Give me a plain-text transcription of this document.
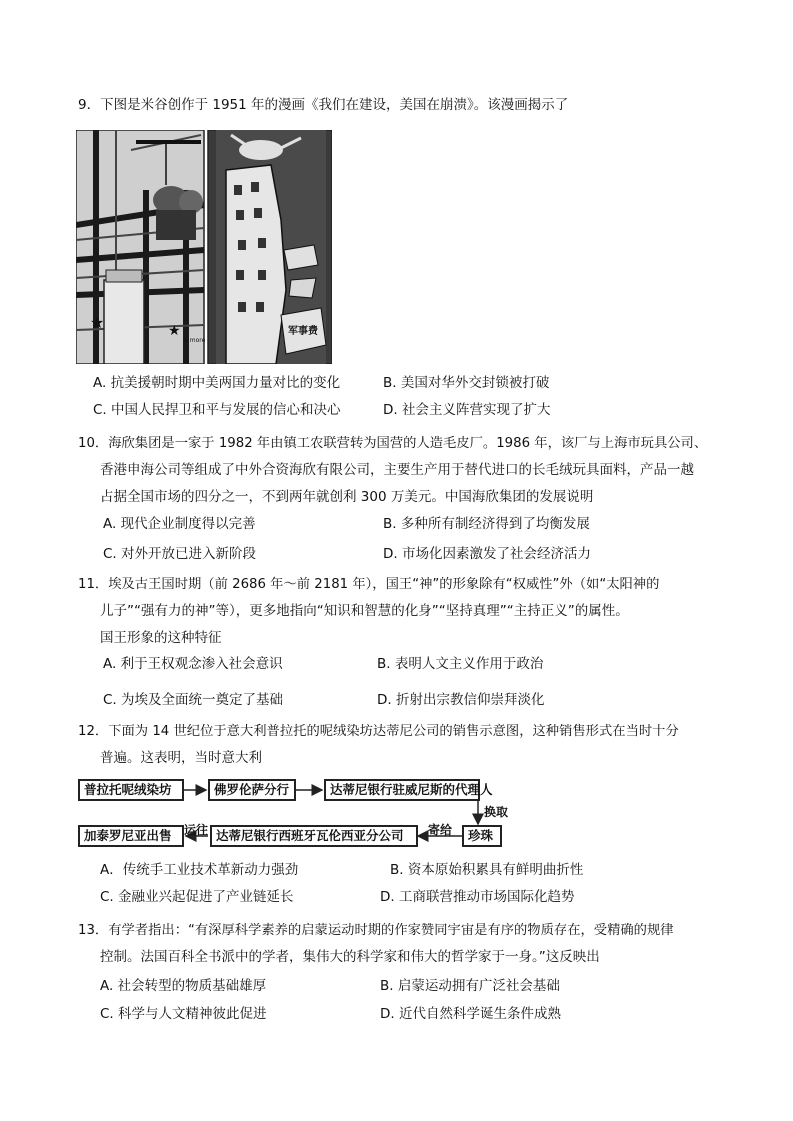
9．下图是米谷创作于 1951 年的漫画《我们在建设，美国在崩溃》。该漫画揭示了
★	★
6 more
军事费
A. 抗美援朝时期中美两国力量对比的变化	B. 美国对华外交封锁被打破
C. 中国人民捍卫和平与发展的信心和决心	D. 社会主义阵营实现了扩大
10．海欣集团是一家于 1982 年由镇工农联营转为国营的人造毛皮厂。1986 年，该厂与上海市玩具公司、
香港申海公司等组成了中外合资海欣有限公司，主要生产用于替代进口的长毛绒玩具面料，产品一越
占据全国市场的四分之一，不到两年就创利 300 万美元。中国海欣集团的发展说明
A. 现代企业制度得以完善	B. 多种所有制经济得到了均衡发展
C. 对外开放已进入新阶段	D. 市场化因素激发了社会经济活力
11．埃及古王国时期（前 2686 年～前 2181 年），国王“神”的形象除有“权威性”外（如“太阳神的
儿子”“强有力的神”等），更多地指向“知识和智慧的化身”“坚持真理”“主持正义”的属性。
国王形象的这种特征
A. 利于王权观念渗入社会意识	B. 表明人文主义作用于政治
C. 为埃及全面统一奠定了基础	D. 折射出宗教信仰崇拜淡化
12．下面为 14 世纪位于意大利普拉托的呢绒染坊达蒂尼公司的销售示意图，这种销售形式在当时十分
普遍。这表明，当时意大利
普拉托呢绒染坊	佛罗伦萨分行	达蒂尼银行驻威尼斯的代理人
换取
珍珠
寄给
达蒂尼银行西班牙瓦伦西亚分公司
运往
加泰罗尼亚出售
A．传统手工业技术革新动力强劲	B. 资本原始积累具有鲜明曲折性
C. 金融业兴起促进了产业链延长	D. 工商联营推动市场国际化趋势
13．有学者指出：“有深厚科学素养的启蒙运动时期的作家赞同宇宙是有序的物质存在，受精确的规律
控制。法国百科全书派中的学者，集伟大的科学家和伟大的哲学家于一身。”这反映出
A. 社会转型的物质基础雄厚	B. 启蒙运动拥有广泛社会基础
C. 科学与人文精神彼此促进	D. 近代自然科学诞生条件成熟
